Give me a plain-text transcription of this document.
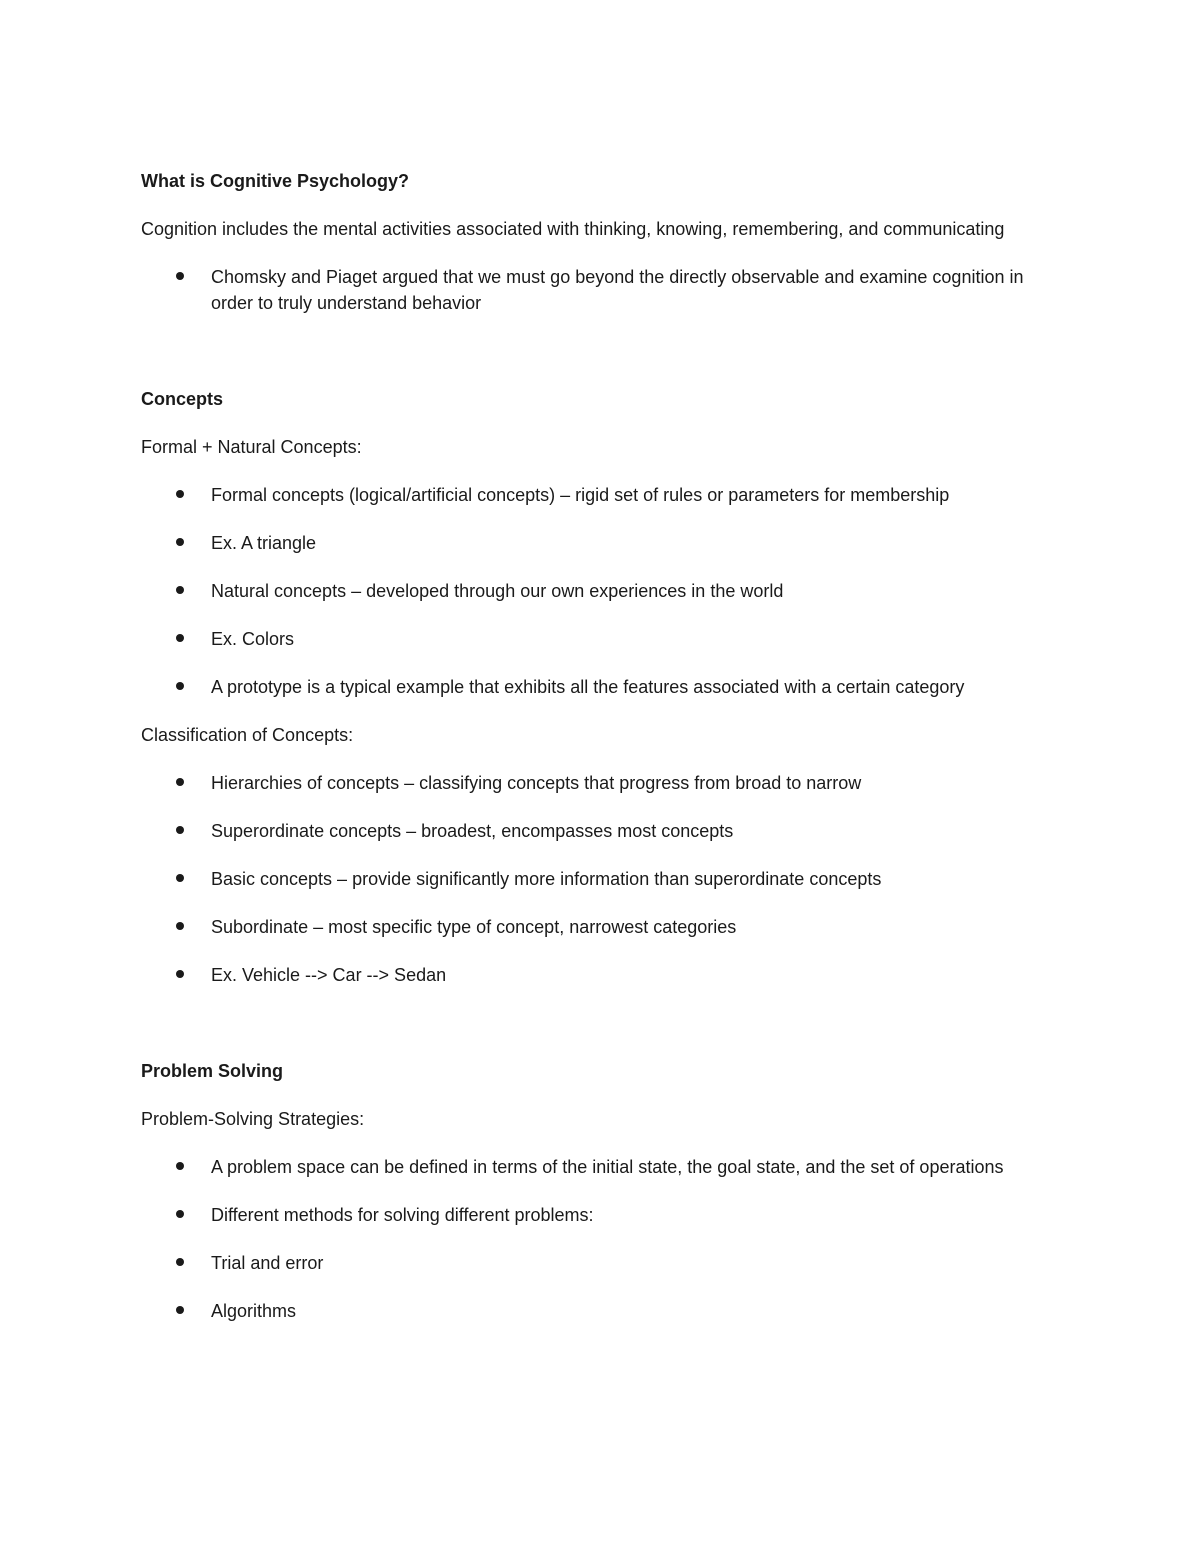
What is Cognitive Psychology?
Cognition includes the mental activities associated with thinking, knowing, remembering, and communicating
Chomsky and Piaget argued that we must go beyond the directly observable and examine cognition in order to truly understand behavior
Concepts
Formal + Natural Concepts:
Formal concepts (logical/artificial concepts) – rigid set of rules or parameters for membership
Ex. A triangle
Natural concepts – developed through our own experiences in the world
Ex. Colors
A prototype is a typical example that exhibits all the features associated with a certain category
Classification of Concepts:
Hierarchies of concepts – classifying concepts that progress from broad to narrow
Superordinate concepts – broadest, encompasses most concepts
Basic concepts – provide significantly more information than superordinate concepts
Subordinate – most specific type of concept, narrowest categories
Ex. Vehicle --> Car --> Sedan
Problem Solving
Problem-Solving Strategies:
A problem space can be defined in terms of the initial state, the goal state, and the set of operations
Different methods for solving different problems:
Trial and error
Algorithms
